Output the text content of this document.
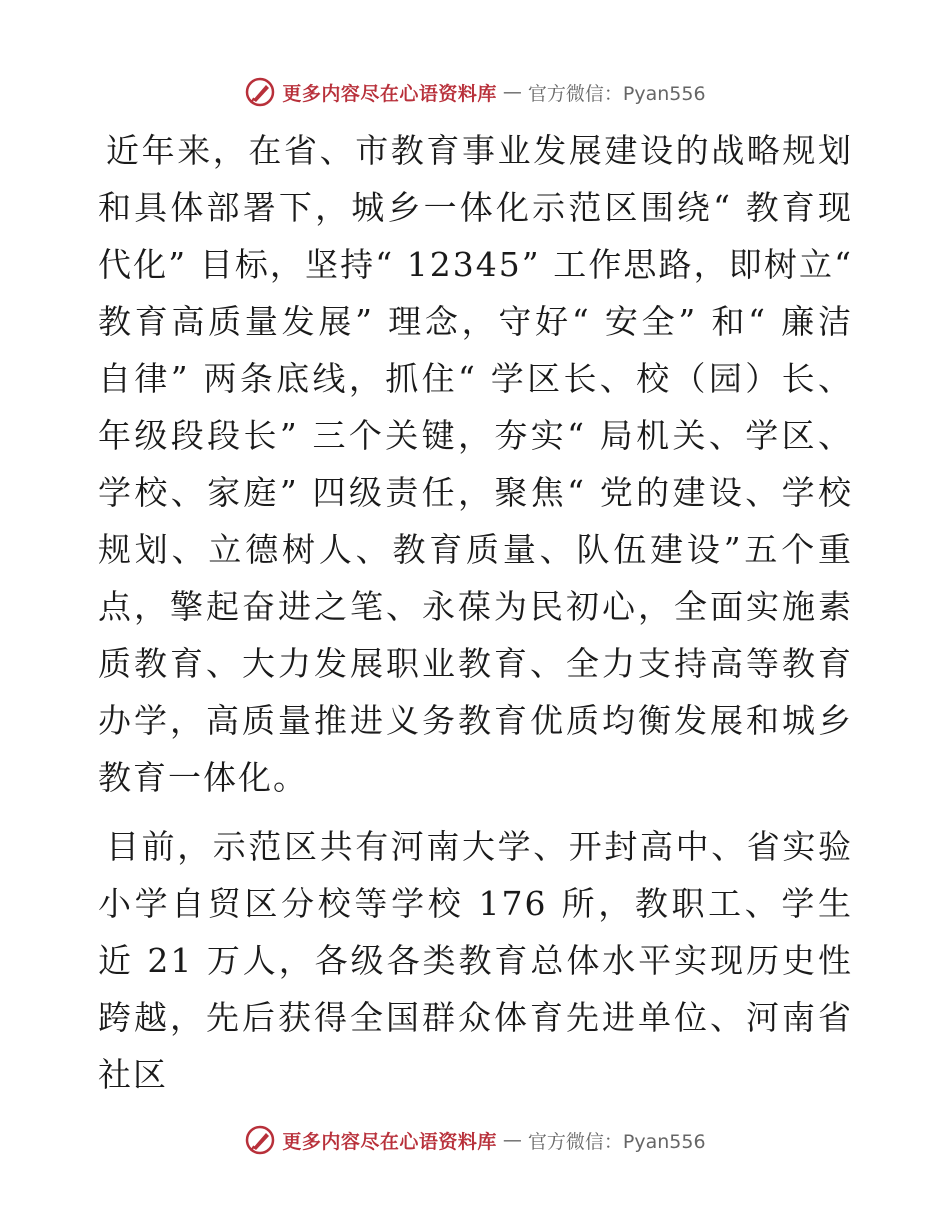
更多内容尽在心语资料库 — 官方微信：Pyan556

近年来，在省、市教育事业发展建设的战略规划和具体部署下，城乡一体化示范区围绕“ 教育现代化” 目标，坚持“ 12345” 工作思路，即树立“ 教育高质量发展” 理念，守好“ 安全” 和“ 廉洁自律” 两条底线，抓住“ 学区长、校（园）长、年级段段长” 三个关键，夯实“ 局机关、学区、学校、家庭” 四级责任，聚焦“ 党的建设、学校规划、立德树人、教育质量、队伍建设”五个重点，擎起奋进之笔、永葆为民初心，全面实施素质教育、大力发展职业教育、全力支持高等教育办学，高质量推进义务教育优质均衡发展和城乡教育一体化。

目前，示范区共有河南大学、开封高中、省实验小学自贸区分校等学校 176 所，教职工、学生近 21 万人，各级各类教育总体水平实现历史性跨越，先后获得全国群众体育先进单位、河南省社区

更多内容尽在心语资料库 — 官方微信：Pyan556
